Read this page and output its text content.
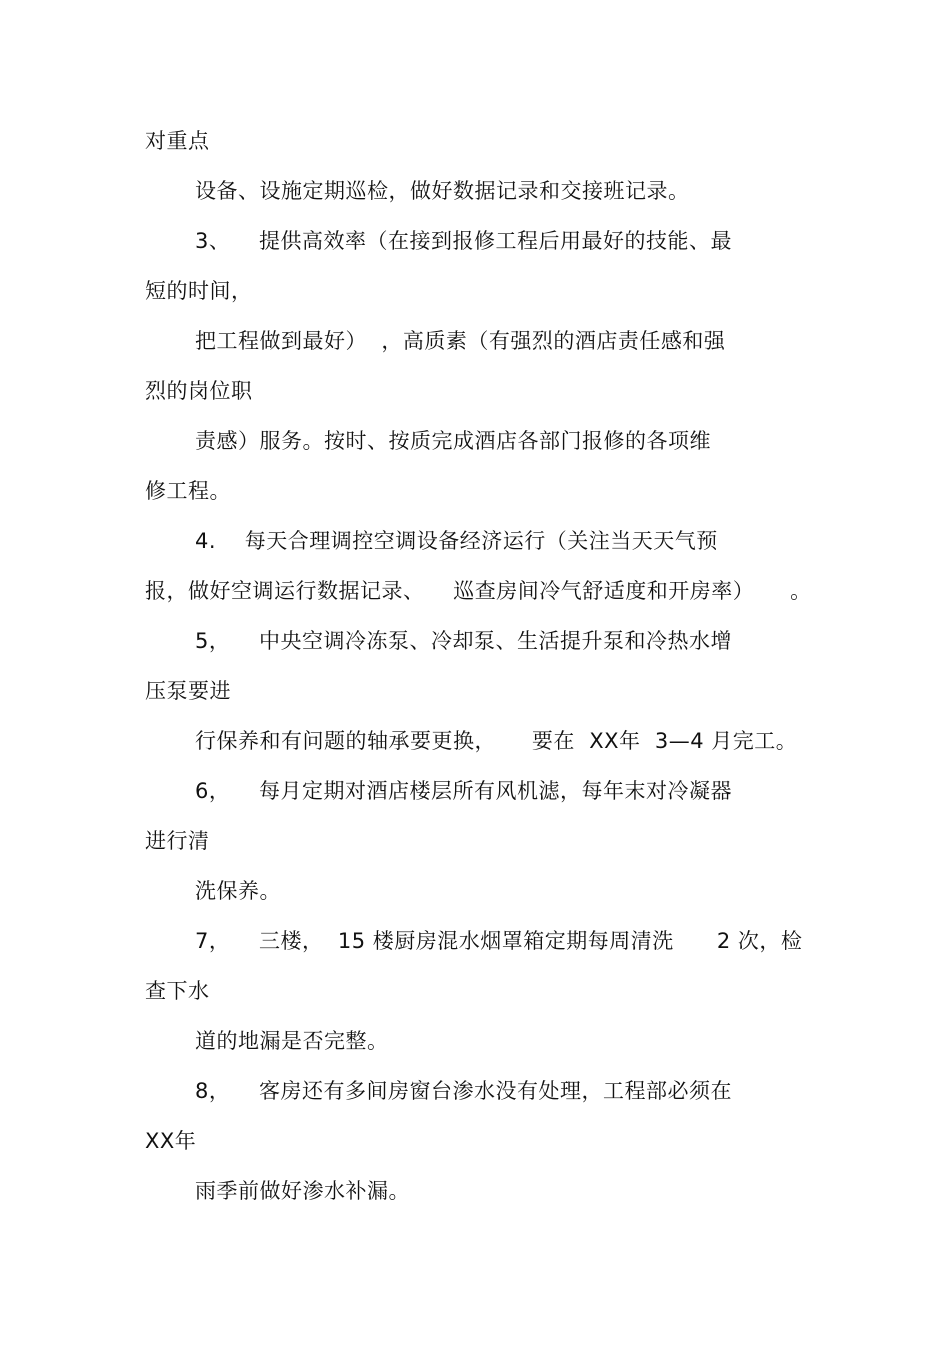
对重点
设备、设施定期巡检，做好数据记录和交接班记录。
3、    提供高效率（在接到报修工程后用最好的技能、最
短的时间，
把工程做到最好）  ，高质素（有强烈的酒店责任感和强
烈的岗位职
责感）服务。按时、按质完成酒店各部门报修的各项维
修工程。
4.    每天合理调控空调设备经济运行（关注当天天气预
报，做好空调运行数据记录、    巡查房间冷气舒适度和开房率）     。
5，    中央空调冷冻泵、冷却泵、生活提升泵和冷热水增
压泵要进
行保养和有问题的轴承要更换，     要在  XX年  3—4 月完工。
6，    每月定期对酒店楼层所有风机滤，每年末对冷凝器
进行清
洗保养。
7，    三楼，  15 楼厨房混水烟罩箱定期每周清洗      2 次，检
查下水
道的地漏是否完整。
8，    客房还有多间房窗台渗水没有处理，工程部必须在
XX年
雨季前做好渗水补漏。
